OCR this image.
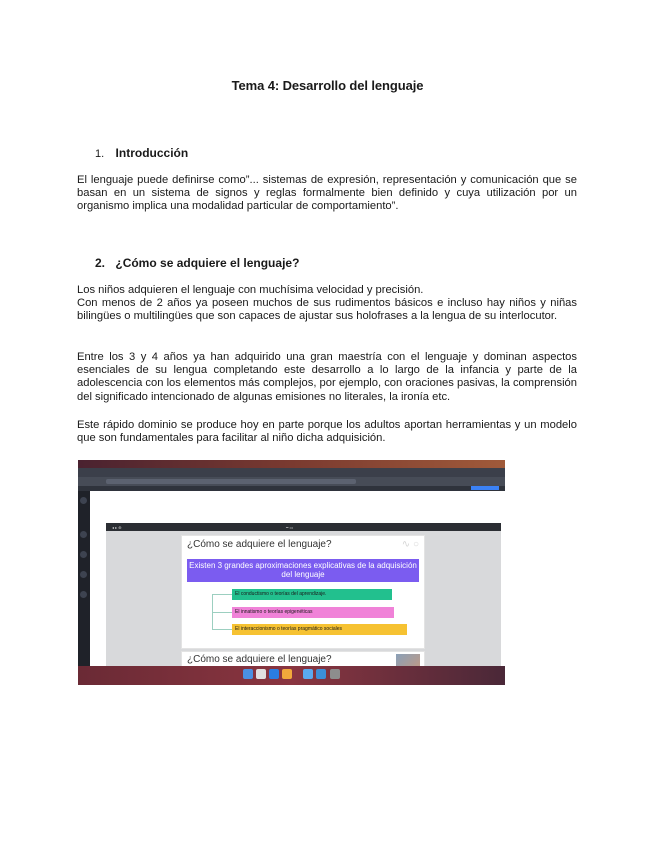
Tema 4: Desarrollo del lenguaje
1. Introducción
El lenguaje puede definirse como”... sistemas de expresión, representación y comunicación que se basan en un sistema de signos y reglas formalmente bien definido y cuya utilización por un organismo implica una modalidad particular de comportamiento”.
2. ¿Cómo se adquiere el lenguaje?
Los niños adquieren el lenguaje con muchísima velocidad y precisión.
Con menos de 2 años ya poseen muchos de sus rudimentos básicos e incluso hay niños y niñas bilingües o multilingües que son capaces de ajustar sus holofrases a la lengua de su interlocutor.
Entre los 3 y 4 años ya han adquirido una gran maestría con el lenguaje y dominan aspectos esenciales de su lengua completando este desarrollo a lo largo de la infancia y parte de la adolescencia con los elementos más complejos, por ejemplo, con oraciones pasivas, la comprensión del significado intencionado de algunas emisiones no literales, la ironía etc.
Este rápido dominio se produce hoy en parte porque los adultos aportan herramientas y un modelo que son fundamentales para facilitar al niño dicha adquisición.
◂ ▸ ⊕	━ ▭
¿Cómo se adquiere el lenguaje?	∿ ○
Existen 3 grandes aproximaciones explicativas de la adquisición del lenguaje
El conductismo o teorías del aprendizaje.
El innatismo o teorías epigenéticas
El interaccionismo o teorías pragmático sociales
¿Cómo se adquiere el lenguaje?
